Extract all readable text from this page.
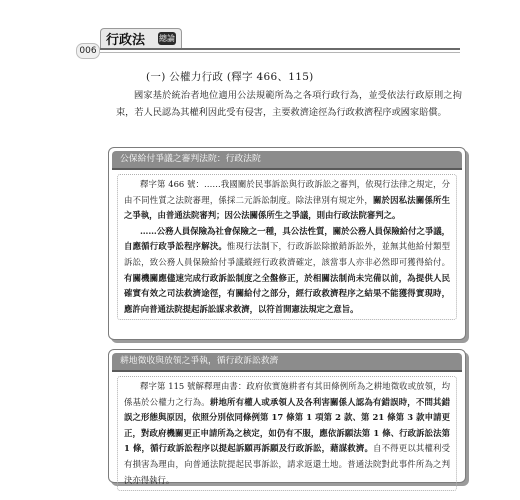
行政法 總論
006
(一) 公權力行政 (釋字 466、115)
國家基於統治者地位適用公法規範所為之各項行政行為，並受依法行政原則之拘束，若人民認為其權利因此受有侵害，主要救濟途徑為行政救濟程序或國家賠償。
公保給付爭議之審判法院：行政法院

釋字第 466 號：……我國關於民事訴訟與行政訴訟之審判，依現行法律之規定，分由不同性質之法院審理，係採二元訴訟制度。除法律別有規定外，關於因私法關係所生之爭執，由普通法院審判；因公法關係所生之爭議，則由行政法院審判之。

……公務人員保險為社會保險之一種，具公法性質，關於公務人員保險給付之爭議，自應循行政爭訟程序解決。惟現行法制下，行政訴訟除撤銷訴訟外，並無其他給付類型訴訟，致公務人員保險給付爭議縱經行政救濟確定，該當事人亦非必然即可獲得給付。有關機關應儘速完成行政訴訟制度之全盤修正，於相關法制尚未完備以前，為提供人民確實有效之司法救濟途徑，有關給付之部分，經行政救濟程序之結果不能獲得實現時，應許向普通法院提起訴訟謀求救濟，以符首開憲法規定之意旨。

耕地徵收與放領之爭執，循行政訴訟救濟

釋字第 115 號解釋理由書：政府依實施耕者有其田條例所為之耕地徵收或放領，均係基於公權力之行為。耕地所有權人或承領人及各利害關係人認為有錯誤時，不問其錯誤之形態與原因，依照分別依同條例第 17 條第 1 項第 2 款、第 21 條第 3 款申請更正，對政府機關更正申請所為之核定，如仍有不服，應依訴願法第 1 條、行政訴訟法第 1 條，循行政訴訟程序以提起訴願再訴願及行政訴訟，藉謀救濟。自不得更以其權利受有損害為理由，向普通法院提起民事訴訟，請求返還土地。普通法院對此事件所為之判決亦得執行。
